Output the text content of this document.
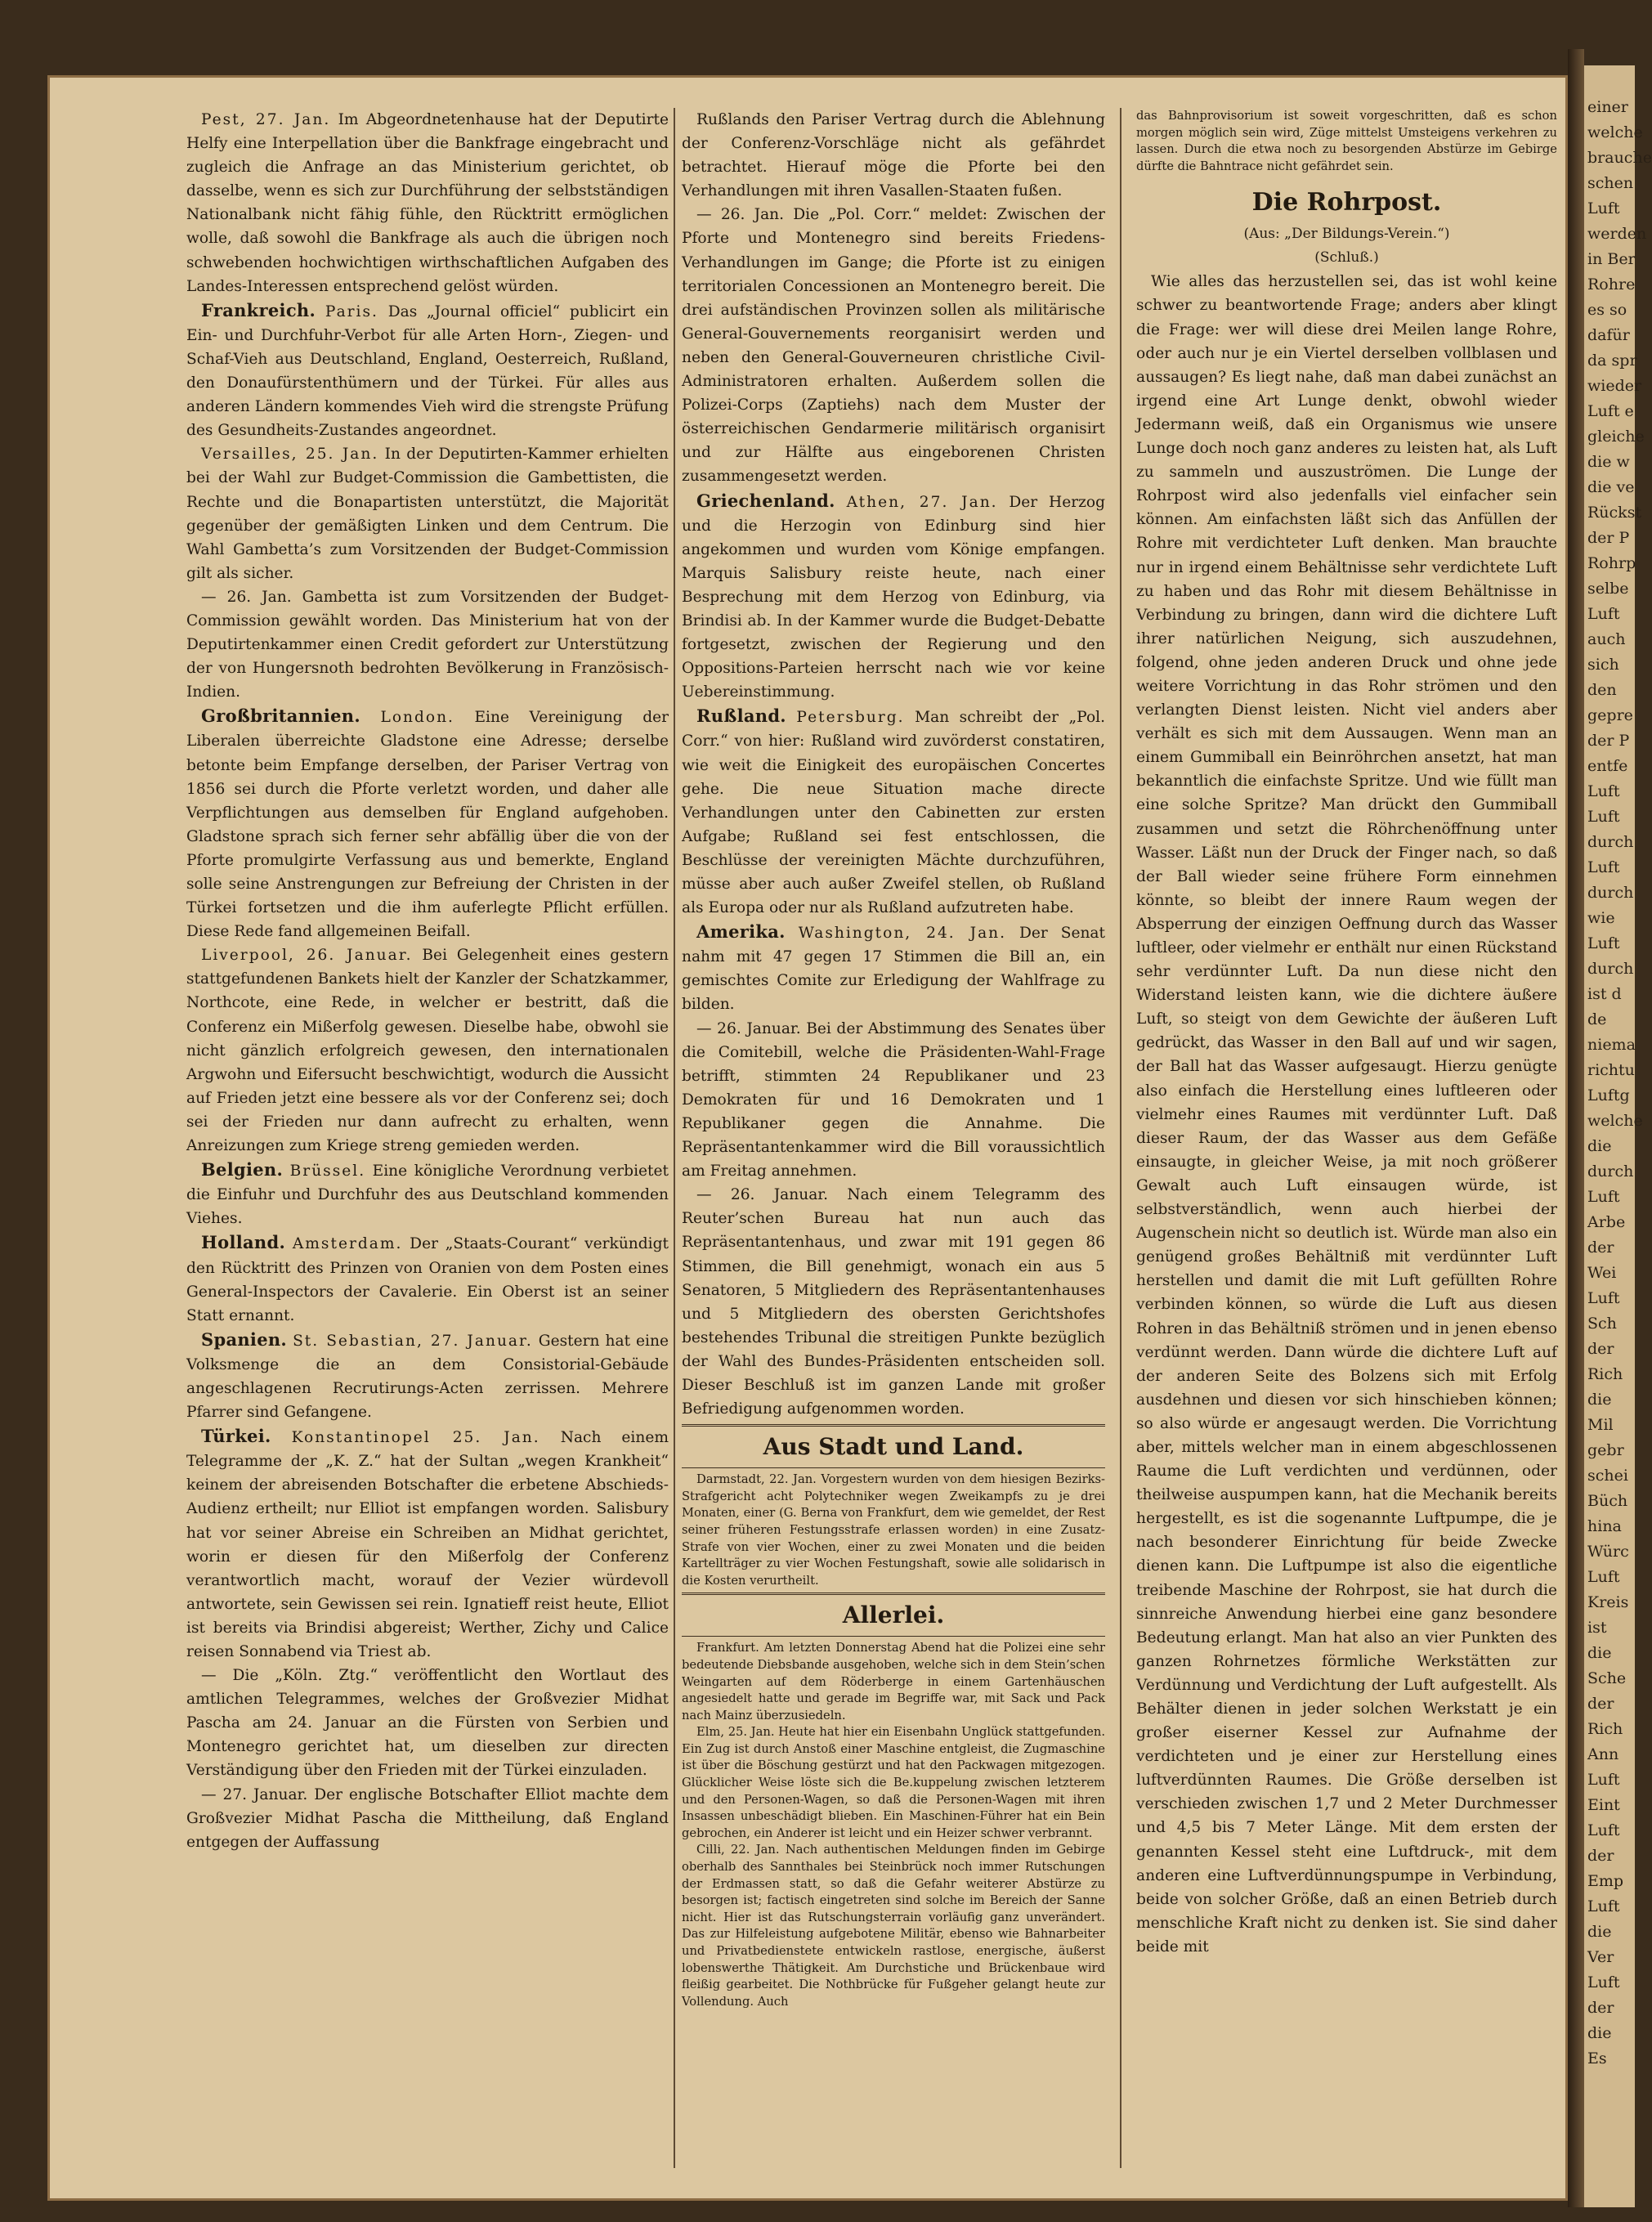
Pest, 27. Jan. Im Abgeordnetenhause hat der Deputirte Helfy eine Interpellation über die Bankfrage eingebracht und zugleich die Anfrage an das Ministerium gerichtet, ob dasselbe, wenn es sich zur Durchführung der selbstständigen Nationalbank nicht fähig fühle, den Rücktritt ermöglichen wolle, daß sowohl die Bankfrage als auch die übrigen noch schwebenden hochwichtigen wirthschaftlichen Aufgaben des Landes-Interessen entsprechend gelöst würden.

Frankreich. Paris. Das „Journal officiel“ publicirt ein Ein- und Durchfuhr-Verbot für alle Arten Horn-, Ziegen- und Schaf-Vieh aus Deutschland, England, Oesterreich, Rußland, den Donaufürstenthümern und der Türkei. Für alles aus anderen Ländern kommendes Vieh wird die strengste Prüfung des Gesundheits-Zustandes angeordnet.

Versailles, 25. Jan. In der Deputirten-Kammer erhielten bei der Wahl zur Budget-Commission die Gambettisten, die Rechte und die Bonapartisten unterstützt, die Majorität gegenüber der gemäßigten Linken und dem Centrum. Die Wahl Gambetta’s zum Vorsitzenden der Budget-Commission gilt als sicher.

— 26. Jan. Gambetta ist zum Vorsitzenden der Budget-Commission gewählt worden. Das Ministerium hat von der Deputirtenkammer einen Credit gefordert zur Unterstützung der von Hungersnoth bedrohten Bevölkerung in Französisch-Indien.

Großbritannien. London. Eine Vereinigung der Liberalen überreichte Gladstone eine Adresse; derselbe betonte beim Empfange derselben, der Pariser Vertrag von 1856 sei durch die Pforte verletzt worden, und daher alle Verpflichtungen aus demselben für England aufgehoben. Gladstone sprach sich ferner sehr abfällig über die von der Pforte promulgirte Verfassung aus und bemerkte, England solle seine Anstrengungen zur Befreiung der Christen in der Türkei fortsetzen und die ihm auferlegte Pflicht erfüllen. Diese Rede fand allgemeinen Beifall.

Liverpool, 26. Januar. Bei Gelegenheit eines gestern stattgefundenen Bankets hielt der Kanzler der Schatzkammer, Northcote, eine Rede, in welcher er bestritt, daß die Conferenz ein Mißerfolg gewesen. Dieselbe habe, obwohl sie nicht gänzlich erfolgreich gewesen, den internationalen Argwohn und Eifersucht beschwichtigt, wodurch die Aussicht auf Frieden jetzt eine bessere als vor der Conferenz sei; doch sei der Frieden nur dann aufrecht zu erhalten, wenn Anreizungen zum Kriege streng gemieden werden.

Belgien. Brüssel. Eine königliche Verordnung verbietet die Einfuhr und Durchfuhr des aus Deutschland kommenden Viehes.

Holland. Amsterdam. Der „Staats-Courant“ verkündigt den Rücktritt des Prinzen von Oranien von dem Posten eines General-Inspectors der Cavalerie. Ein Oberst ist an seiner Statt ernannt.

Spanien. St. Sebastian, 27. Januar. Gestern hat eine Volksmenge die an dem Consistorial-Gebäude angeschlagenen Recrutirungs-Acten zerrissen. Mehrere Pfarrer sind Gefangene.

Türkei. Konstantinopel 25. Jan. Nach einem Telegramme der „K. Z.“ hat der Sultan „wegen Krankheit“ keinem der abreisenden Botschafter die erbetene Abschieds-Audienz ertheilt; nur Elliot ist empfangen worden. Salisbury hat vor seiner Abreise ein Schreiben an Midhat gerichtet, worin er diesen für den Mißerfolg der Conferenz verantwortlich macht, worauf der Vezier würdevoll antwortete, sein Gewissen sei rein. Ignatieff reist heute, Elliot ist bereits via Brindisi abgereist; Werther, Zichy und Calice reisen Sonnabend via Triest ab.

— Die „Köln. Ztg.“ veröffentlicht den Wortlaut des amtlichen Telegrammes, welches der Großvezier Midhat Pascha am 24. Januar an die Fürsten von Serbien und Montenegro gerichtet hat, um dieselben zur directen Verständigung über den Frieden mit der Türkei einzuladen.

— 27. Januar. Der englische Botschafter Elliot machte dem Großvezier Midhat Pascha die Mittheilung, daß England entgegen der Auffassung

Rußlands den Pariser Vertrag durch die Ablehnung der Conferenz-Vorschläge nicht als gefährdet betrachtet. Hierauf möge die Pforte bei den Verhandlungen mit ihren Vasallen-Staaten fußen.

— 26. Jan. Die „Pol. Corr.“ meldet: Zwischen der Pforte und Montenegro sind bereits Friedens-Verhandlungen im Gange; die Pforte ist zu einigen territorialen Concessionen an Montenegro bereit. Die drei aufständischen Provinzen sollen als militärische General-Gouvernements reorganisirt werden und neben den General-Gouverneuren christliche Civil-Administratoren erhalten. Außerdem sollen die Polizei-Corps (Zaptiehs) nach dem Muster der österreichischen Gendarmerie militärisch organisirt und zur Hälfte aus eingeborenen Christen zusammengesetzt werden.

Griechenland. Athen, 27. Jan. Der Herzog und die Herzogin von Edinburg sind hier angekommen und wurden vom Könige empfangen. Marquis Salisbury reiste heute, nach einer Besprechung mit dem Herzog von Edinburg, via Brindisi ab. In der Kammer wurde die Budget-Debatte fortgesetzt, zwischen der Regierung und den Oppositions-Parteien herrscht nach wie vor keine Uebereinstimmung.

Rußland. Petersburg. Man schreibt der „Pol. Corr.“ von hier: Rußland wird zuvörderst constatiren, wie weit die Einigkeit des europäischen Concertes gehe. Die neue Situation mache directe Verhandlungen unter den Cabinetten zur ersten Aufgabe; Rußland sei fest entschlossen, die Beschlüsse der vereinigten Mächte durchzuführen, müsse aber auch außer Zweifel stellen, ob Rußland als Europa oder nur als Rußland aufzutreten habe.

Amerika. Washington, 24. Jan. Der Senat nahm mit 47 gegen 17 Stimmen die Bill an, ein gemischtes Comite zur Erledigung der Wahlfrage zu bilden.

— 26. Januar. Bei der Abstimmung des Senates über die Comitebill, welche die Präsidenten-Wahl-Frage betrifft, stimmten 24 Republikaner und 23 Demokraten für und 16 Demokraten und 1 Republikaner gegen die Annahme. Die Repräsentantenkammer wird die Bill voraussichtlich am Freitag annehmen.

— 26. Januar. Nach einem Telegramm des Reuter’schen Bureau hat nun auch das Repräsentantenhaus, und zwar mit 191 gegen 86 Stimmen, die Bill genehmigt, wonach ein aus 5 Senatoren, 5 Mitgliedern des Repräsentantenhauses und 5 Mitgliedern des obersten Gerichtshofes bestehendes Tribunal die streitigen Punkte bezüglich der Wahl des Bundes-Präsidenten entscheiden soll. Dieser Beschluß ist im ganzen Lande mit großer Befriedigung aufgenommen worden.

Aus Stadt und Land.

Darmstadt, 22. Jan. Vorgestern wurden von dem hiesigen Bezirks-Strafgericht acht Polytechniker wegen Zweikampfs zu je drei Monaten, einer (G. Berna von Frankfurt, dem wie gemeldet, der Rest seiner früheren Festungsstrafe erlassen worden) in eine Zusatz-Strafe von vier Wochen, einer zu zwei Monaten und die beiden Kartellträger zu vier Wochen Festungshaft, sowie alle solidarisch in die Kosten verurtheilt.

Allerlei.

Frankfurt. Am letzten Donnerstag Abend hat die Polizei eine sehr bedeutende Diebsbande ausgehoben, welche sich in dem Stein’schen Weingarten auf dem Röderberge in einem Gartenhäuschen angesiedelt hatte und gerade im Begriffe war, mit Sack und Pack nach Mainz überzusiedeln.

Elm, 25. Jan. Heute hat hier ein Eisenbahn Unglück stattgefunden. Ein Zug ist durch Anstoß einer Maschine entgleist, die Zugmaschine ist über die Böschung gestürzt und hat den Packwagen mitgezogen. Glücklicher Weise löste sich die Be.kuppelung zwischen letzterem und den Personen-Wagen, so daß die Personen-Wagen mit ihren Insassen unbeschädigt blieben. Ein Maschinen-Führer hat ein Bein gebrochen, ein Anderer ist leicht und ein Heizer schwer verbrannt.

Cilli, 22. Jan. Nach authentischen Meldungen finden im Gebirge oberhalb des Sannthales bei Steinbrück noch immer Rutschungen der Erdmassen statt, so daß die Gefahr weiterer Abstürze zu besorgen ist; factisch eingetreten sind solche im Bereich der Sanne nicht. Hier ist das Rutschungsterrain vorläufig ganz unverändert. Das zur Hilfeleistung aufgebotene Militär, ebenso wie Bahnarbeiter und Privatbedienstete entwickeln rastlose, energische, äußerst lobenswerthe Thätigkeit. Am Durchstiche und Brückenbaue wird fleißig gearbeitet. Die Nothbrücke für Fußgeher gelangt heute zur Vollendung. Auch

das Bahnprovisorium ist soweit vorgeschritten, daß es schon morgen möglich sein wird, Züge mittelst Umsteigens verkehren zu lassen. Durch die etwa noch zu besorgenden Abstürze im Gebirge dürfte die Bahntrace nicht gefährdet sein.

Die Rohrpost.
(Aus: „Der Bildungs-Verein.“)
(Schluß.)

Wie alles das herzustellen sei, das ist wohl keine schwer zu beantwortende Frage; anders aber klingt die Frage: wer will diese drei Meilen lange Rohre, oder auch nur je ein Viertel derselben vollblasen und aussaugen? Es liegt nahe, daß man dabei zunächst an irgend eine Art Lunge denkt, obwohl wieder Jedermann weiß, daß ein Organismus wie unsere Lunge doch noch ganz anderes zu leisten hat, als Luft zu sammeln und auszuströmen. Die Lunge der Rohrpost wird also jedenfalls viel einfacher sein können. Am einfachsten läßt sich das Anfüllen der Rohre mit verdichteter Luft denken. Man brauchte nur in irgend einem Behältnisse sehr verdichtete Luft zu haben und das Rohr mit diesem Behältnisse in Verbindung zu bringen, dann wird die dichtere Luft ihrer natürlichen Neigung, sich auszudehnen, folgend, ohne jeden anderen Druck und ohne jede weitere Vorrichtung in das Rohr strömen und den verlangten Dienst leisten. Nicht viel anders aber verhält es sich mit dem Aussaugen. Wenn man an einem Gummiball ein Beinröhrchen ansetzt, hat man bekanntlich die einfachste Spritze. Und wie füllt man eine solche Spritze? Man drückt den Gummiball zusammen und setzt die Röhrchenöffnung unter Wasser. Läßt nun der Druck der Finger nach, so daß der Ball wieder seine frühere Form einnehmen könnte, so bleibt der innere Raum wegen der Absperrung der einzigen Oeffnung durch das Wasser luftleer, oder vielmehr er enthält nur einen Rückstand sehr verdünnter Luft. Da nun diese nicht den Widerstand leisten kann, wie die dichtere äußere Luft, so steigt von dem Gewichte der äußeren Luft gedrückt, das Wasser in den Ball auf und wir sagen, der Ball hat das Wasser aufgesaugt. Hierzu genügte also einfach die Herstellung eines luftleeren oder vielmehr eines Raumes mit verdünnter Luft. Daß dieser Raum, der das Wasser aus dem Gefäße einsaugte, in gleicher Weise, ja mit noch größerer Gewalt auch Luft einsaugen würde, ist selbstverständlich, wenn auch hierbei der Augenschein nicht so deutlich ist. Würde man also ein genügend großes Behältniß mit verdünnter Luft herstellen und damit die mit Luft gefüllten Rohre verbinden können, so würde die Luft aus diesen Rohren in das Behältniß strömen und in jenen ebenso verdünnt werden. Dann würde die dichtere Luft auf der anderen Seite des Bolzens sich mit Erfolg ausdehnen und diesen vor sich hinschieben können; so also würde er angesaugt werden. Die Vorrichtung aber, mittels welcher man in einem abgeschlossenen Raume die Luft verdichten und verdünnen, oder theilweise auspumpen kann, hat die Mechanik bereits hergestellt, es ist die sogenannte Luftpumpe, die je nach besonderer Einrichtung für beide Zwecke dienen kann. Die Luftpumpe ist also die eigentliche treibende Maschine der Rohrpost, sie hat durch die sinnreiche Anwendung hierbei eine ganz besondere Bedeutung erlangt. Man hat also an vier Punkten des ganzen Rohrnetzes förmliche Werkstätten zur Verdünnung und Verdichtung der Luft aufgestellt. Als Behälter dienen in jeder solchen Werkstatt je ein großer eiserner Kessel zur Aufnahme der verdichteten und je einer zur Herstellung eines luftverdünnten Raumes. Die Größe derselben ist verschieden zwischen 1,7 und 2 Meter Durchmesser und 4,5 bis 7 Meter Länge. Mit dem ersten der genannten Kessel steht eine Luftdruck-, mit dem anderen eine Luftverdünnungspumpe in Verbindung, beide von solcher Größe, daß an einen Betrieb durch menschliche Kraft nicht zu denken ist. Sie sind daher beide mit

einer
welche
brauche
schen
Luft
werden
in Ber
Rohre
es so
dafür
da spr
wieder
Luft e
gleiche
die w
die ve
Rückst
der P
Rohrp
selbe
Luft
auch
sich
den
gepre
der P
entfe
Luft
Luft
durch
Luft
durch
wie
Luft
durch
ist d
de
niema
richtu
Luftg
welche
die
durch
Luft
Arbe
der
Wei
Luft
Sch
der
Rich
die
Mil
gebr
schei
Büch
hina
Würc
Luft
Kreis
ist
die
Sche
der
Rich
Ann
Luft
Eint
Luft
der
Emp
Luft
die
Ver
Luft
der
die
Es
